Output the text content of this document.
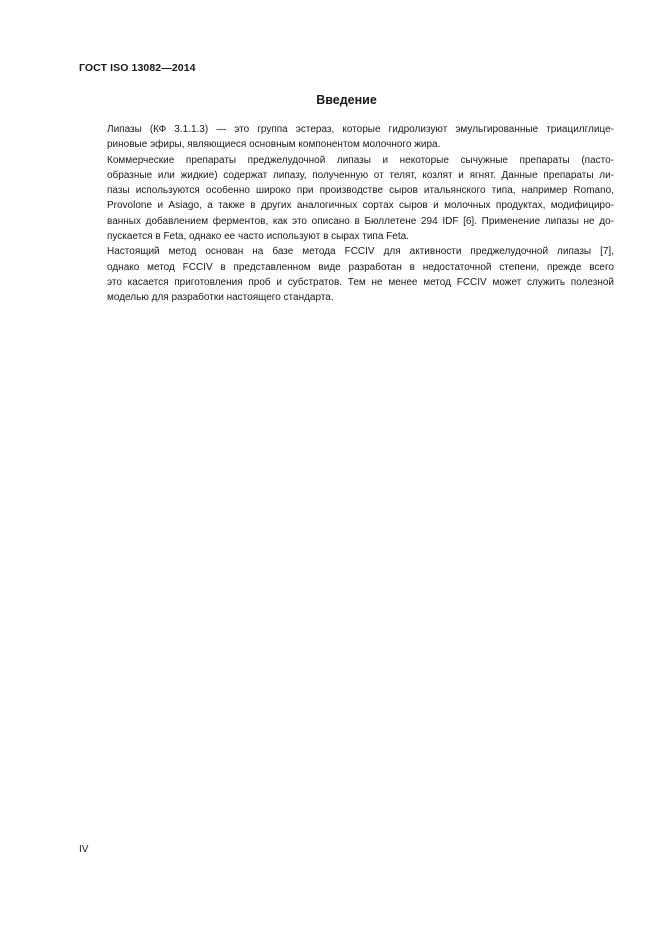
ГОСТ ISO 13082—2014
Введение

Липазы (КФ 3.1.1.3) — это группа эстераз, которые гидролизуют эмульгированные триацилглице-
риновые эфиры, являющиеся основным компонентом молочного жира.

Коммерческие препараты преджелудочной липазы и некоторые сычужные препараты (пасто-
образные или жидкие) содержат липазу, полученную от телят, козлят и ягнят. Данные препараты ли-
пазы используются особенно широко при производстве сыров итальянского типа, например Romano,
Provolone и Asiago, а также в других аналогичных сортах сыров и молочных продуктах, модифициро-
ванных добавлением ферментов, как это описано в Бюллетене 294 IDF [6]. Применение липазы не до-
пускается в Feta, однако ее часто используют в сырах типа Feta.

Настоящий метод основан на базе метода FCCIV для активности преджелудочной липазы [7],
однако метод FCCIV в представленном виде разработан в недостаточной степени, прежде всего
это касается приготовления проб и субстратов. Тем не менее метод FCCIV может служить полезной
моделью для разработки настоящего стандарта.

IV
